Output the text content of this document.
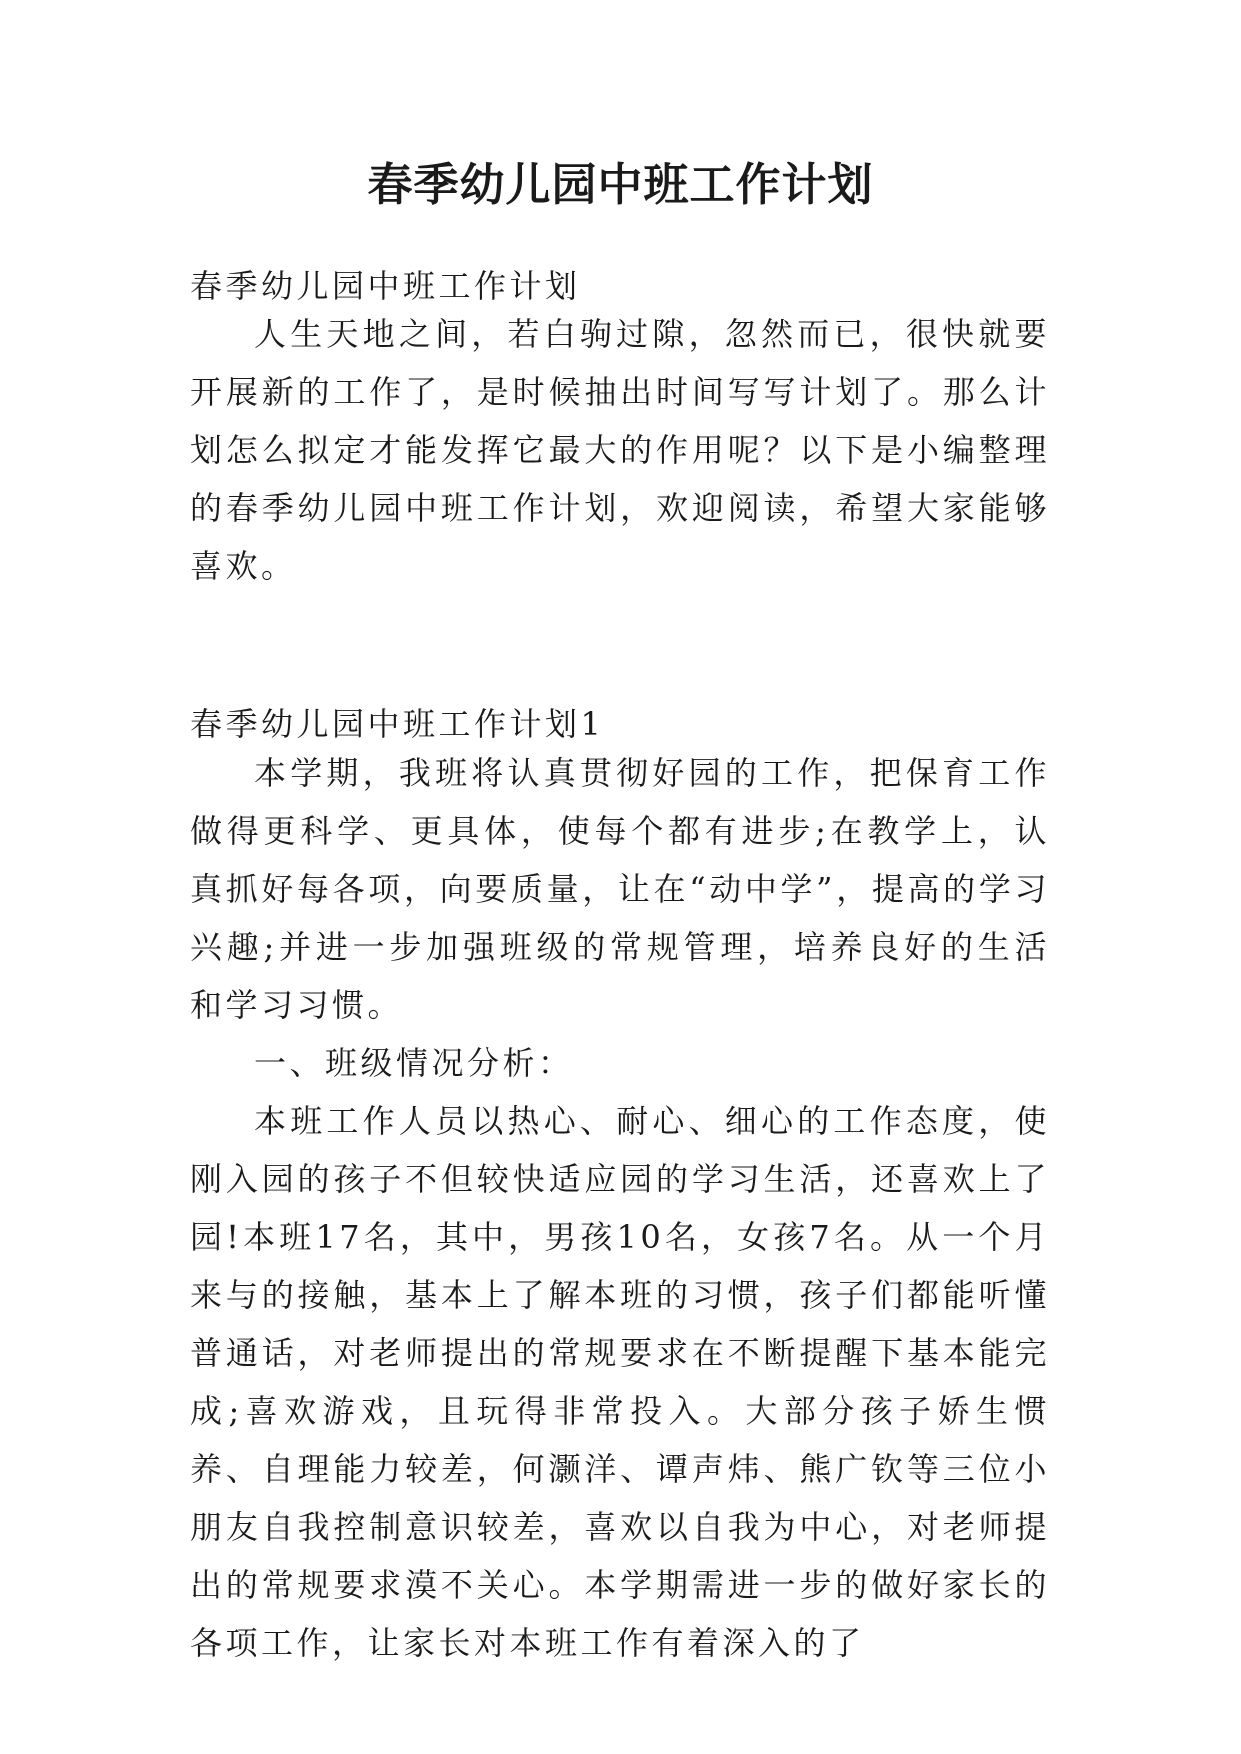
春季幼儿园中班工作计划

春季幼儿园中班工作计划

人生天地之间，若白驹过隙，忽然而已，很快就要开展新的工作了，是时候抽出时间写写计划了。那么计划怎么拟定才能发挥它最大的作用呢？以下是小编整理的春季幼儿园中班工作计划，欢迎阅读，希望大家能够喜欢。

春季幼儿园中班工作计划1

本学期，我班将认真贯彻好园的工作，把保育工作做得更科学、更具体，使每个都有进步;在教学上，认真抓好每各项，向要质量，让在“动中学”，提高的学习兴趣;并进一步加强班级的常规管理，培养良好的生活和学习习惯。

一、班级情况分析：

本班工作人员以热心、耐心、细心的工作态度，使刚入园的孩子不但较快适应园的学习生活，还喜欢上了园!本班17名，其中，男孩10名，女孩7名。从一个月来与的接触，基本上了解本班的习惯，孩子们都能听懂普通话，对老师提出的常规要求在不断提醒下基本能完成;喜欢游戏，且玩得非常投入。大部分孩子娇生惯养、自理能力较差，何灏洋、谭声炜、熊广钦等三位小朋友自我控制意识较差，喜欢以自我为中心，对老师提出的常规要求漠不关心。本学期需进一步的做好家长的各项工作，让家长对本班工作有着深入的了
